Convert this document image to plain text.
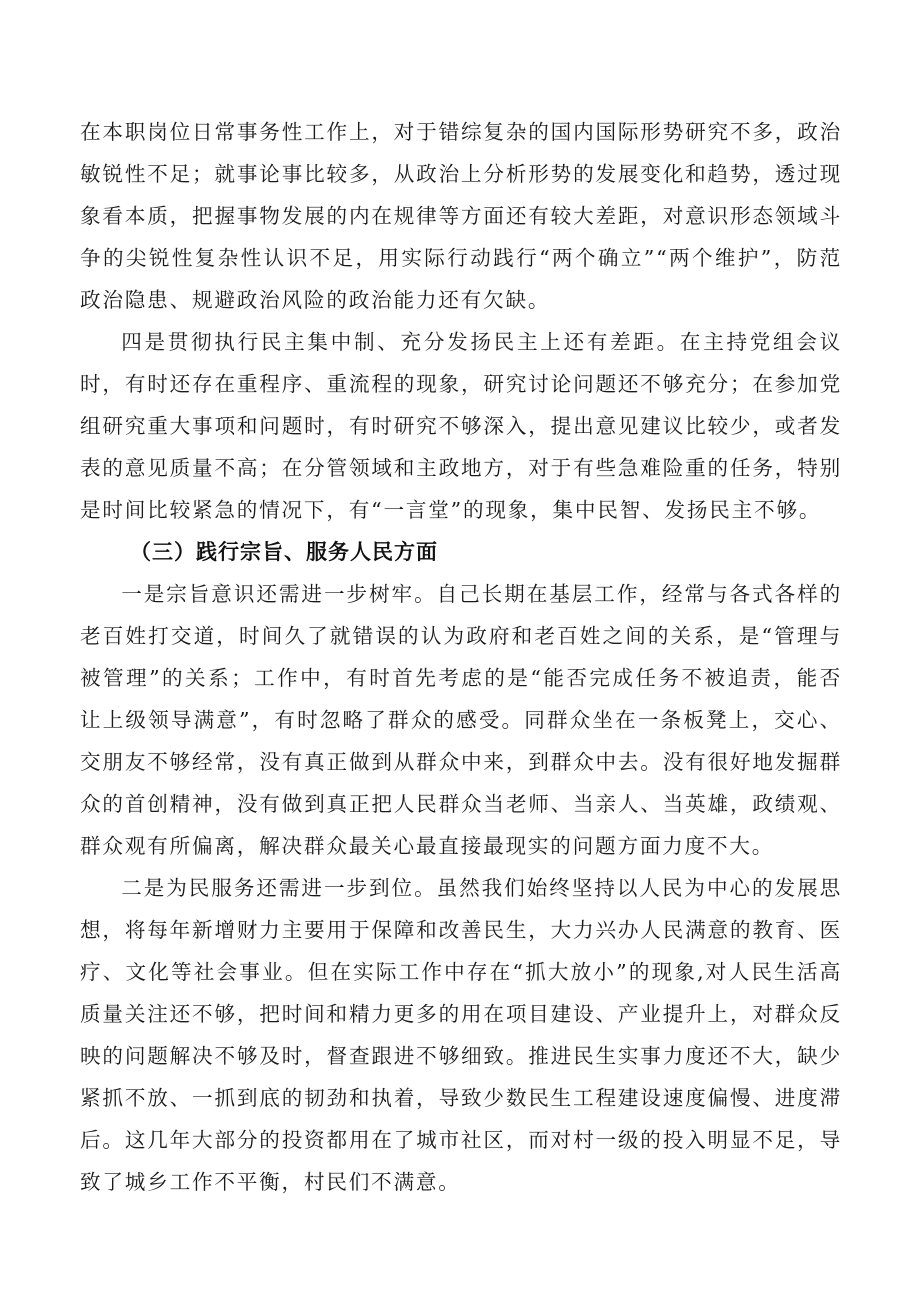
在本职岗位日常事务性工作上，对于错综复杂的国内国际形势研究不多，政治敏锐性不足；就事论事比较多，从政治上分析形势的发展变化和趋势，透过现象看本质，把握事物发展的内在规律等方面还有较大差距，对意识形态领域斗争的尖锐性复杂性认识不足，用实际行动践行“两个确立”“两个维护”，防范政治隐患、规避政治风险的政治能力还有欠缺。

四是贯彻执行民主集中制、充分发扬民主上还有差距。在主持党组会议时，有时还存在重程序、重流程的现象，研究讨论问题还不够充分；在参加党组研究重大事项和问题时，有时研究不够深入，提出意见建议比较少，或者发表的意见质量不高；在分管领域和主政地方，对于有些急难险重的任务，特别是时间比较紧急的情况下，有“一言堂”的现象，集中民智、发扬民主不够。

（三）践行宗旨、服务人民方面

一是宗旨意识还需进一步树牢。自己长期在基层工作，经常与各式各样的老百姓打交道，时间久了就错误的认为政府和老百姓之间的关系，是“管理与被管理”的关系；工作中，有时首先考虑的是“能否完成任务不被追责，能否让上级领导满意”，有时忽略了群众的感受。同群众坐在一条板凳上，交心、交朋友不够经常，没有真正做到从群众中来，到群众中去。没有很好地发掘群众的首创精神，没有做到真正把人民群众当老师、当亲人、当英雄，政绩观、群众观有所偏离，解决群众最关心最直接最现实的问题方面力度不大。

二是为民服务还需进一步到位。虽然我们始终坚持以人民为中心的发展思想，将每年新增财力主要用于保障和改善民生，大力兴办人民满意的教育、医疗、文化等社会事业。但在实际工作中存在“抓大放小”的现象,对人民生活高质量关注还不够，把时间和精力更多的用在项目建设、产业提升上，对群众反映的问题解决不够及时，督查跟进不够细致。推进民生实事力度还不大，缺少紧抓不放、一抓到底的韧劲和执着，导致少数民生工程建设速度偏慢、进度滞后。这几年大部分的投资都用在了城市社区，而对村一级的投入明显不足，导致了城乡工作不平衡，村民们不满意。
